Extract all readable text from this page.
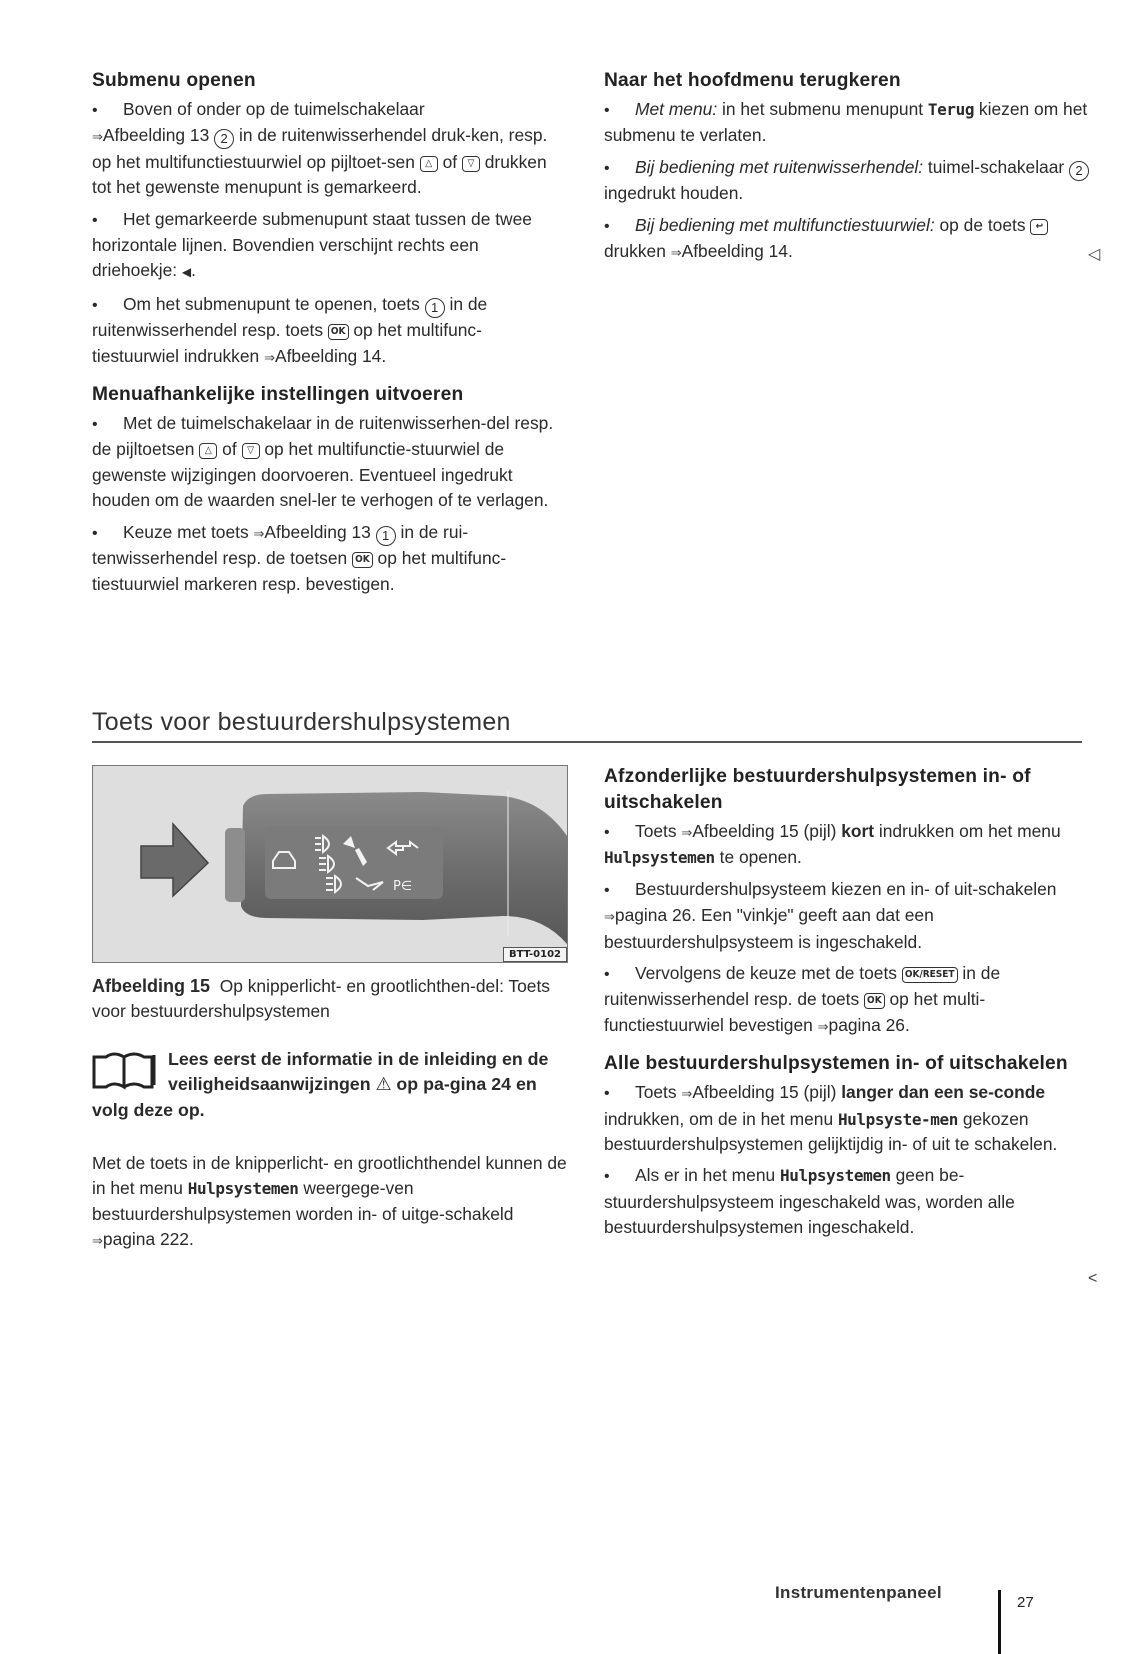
Submenu openen

•Boven of onder op de tuimelschakelaar
⇒Afbeelding 13 2 in de ruitenwisserhendel druk-ken, resp. op het multifunctiestuurwiel op pijltoet-sen △ of ▽ drukken tot het gewenste menupunt is gemarkeerd.

•Het gemarkeerde submenupunt staat tussen de twee horizontale lijnen. Bovendien verschijnt rechts een driehoekje: ◀.

•Om het submenupunt te openen, toets 1 in de ruitenwisserhendel resp. toets OK op het multifunc-tiestuurwiel indrukken ⇒Afbeelding 14.

Menuafhankelijke instellingen uitvoeren

•Met de tuimelschakelaar in de ruitenwisserhen-del resp. de pijltoetsen △ of ▽ op het multifunctie-stuurwiel de gewenste wijzigingen doorvoeren. Eventueel ingedrukt houden om de waarden snel-ler te verhogen of te verlagen.

•Keuze met toets ⇒Afbeelding 13 1 in de rui-tenwisserhendel resp. de toetsen OK op het multifunc-tiestuurwiel markeren resp. bevestigen.

Naar het hoofdmenu terugkeren

•Met menu: in het submenu menupunt Terug kiezen om het submenu te verlaten.

•Bij bediening met ruitenwisserhendel: tuimel-schakelaar 2 ingedrukt houden.

•Bij bediening met multifunctiestuurwiel: op de toets ↩ drukken ⇒Afbeelding 14.	◁
Toets voor bestuurdershulpsystemen
P∈
BTT-0102

Afbeelding 15 Op knipperlicht- en grootlichthen-del: Toets voor bestuurdershulpsystemen

Lees eerst de informatie in de inleiding en de veiligheidsaanwijzingen ⚠ op pa-gina 24 en volg deze op.

Met de toets in de knipperlicht- en grootlichthendel kunnen de in het menu Hulpsystemen weergege-ven bestuurdershulpsystemen worden in- of uitge-schakeld ⇒pagina 222.

Afzonderlijke bestuurdershulpsystemen in- of uitschakelen

•Toets ⇒Afbeelding 15 (pijl) kort indrukken om het menu Hulpsystemen te openen.

•Bestuurdershulpsysteem kiezen en in- of uit-schakelen ⇒pagina 26. Een "vinkje" geeft aan dat een bestuurdershulpsysteem is ingeschakeld.

•Vervolgens de keuze met de toets OK/RESET in de ruitenwisserhendel resp. de toets OK op het multi-functiestuurwiel bevestigen ⇒pagina 26.

Alle bestuurdershulpsystemen in- of uitschakelen

•Toets ⇒Afbeelding 15 (pijl) langer dan een se-conde indrukken, om de in het menu Hulpsyste-men gekozen bestuurdershulpsystemen gelijktijdig in- of uit te schakelen.

•Als er in het menu Hulpsystemen geen be-stuurdershulpsysteem ingeschakeld was, worden alle bestuurdershulpsystemen ingeschakeld.

<
Instrumentenpaneel
27
